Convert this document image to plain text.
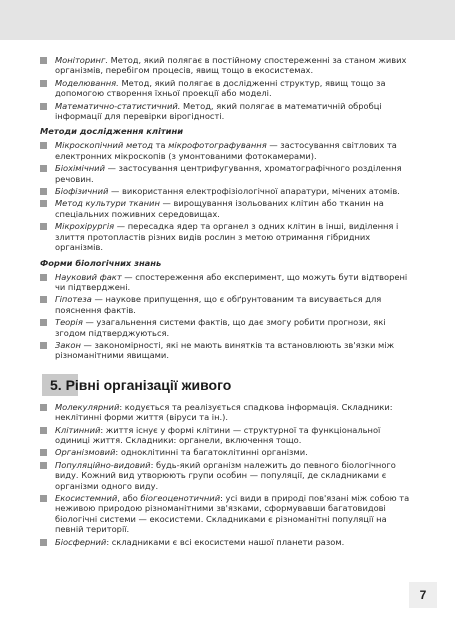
Моніторинг. Метод, який полягає в постійному спостереженні за станом живих організмів, перебігом процесів, явищ тощо в екосистемах.
Моделювання. Метод, який полягає в дослідженні структур, явищ тощо за допомогою створення їхньої проекції або моделі.
Математично-статистичний. Метод, який полягає в математичній обробці інформації для перевірки вірогідності.
Методи дослідження клітини
Мікроскопічний метод та мікрофотографування — застосування світлових та електронних мікроскопів (з умонтованими фотокамерами).
Біохімічний — застосування центрифугування, хроматографічного розділення речовин.
Біофізичний — використання електрофізіологічної апаратури, мічених атомів.
Метод культури тканин — вирощування ізольованих клітин або тканин на спеціальних поживних середовищах.
Мікрохірургія — пересадка ядер та органел з одних клітин в інші, виділення і злиття протопластів різних видів рослин з метою отримання гібридних організмів.
Форми біологічних знань
Науковий факт — спостереження або експеримент, що можуть бути відтворені чи підтверджені.
Гіпотеза — наукове припущення, що є обґрунтованим та висувається для пояснення фактів.
Теорія — узагальнення системи фактів, що дає змогу робити прогнози, які згодом підтверджуються.
Закон — закономірності, які не мають винятків та встановлюють зв'язки між різноманітними явищами.
5. Рівні організації живого
Молекулярний: кодується та реалізується спадкова інформація. Складники: неклітинні форми життя (віруси та ін.).
Клітинний: життя існує у формі клітини — структурної та функціональної одиниці життя. Складники: органели, включення тощо.
Організмовий: одноклітинні та багатоклітинні організми.
Популяційно-видовий: будь-який організм належить до певного біологічного виду. Кожний вид утворюють групи особин — популяції, де складниками є організми одного виду.
Екосистемний, або біогеоценотичний: усі види в природі пов'язані між собою та неживою природою різноманітними зв'язками, сформувавши багатовидові біологічні системи — екосистеми. Складниками є різноманітні популяції на певній території.
Біосферний: складниками є всі екосистеми нашої планети разом.
7
